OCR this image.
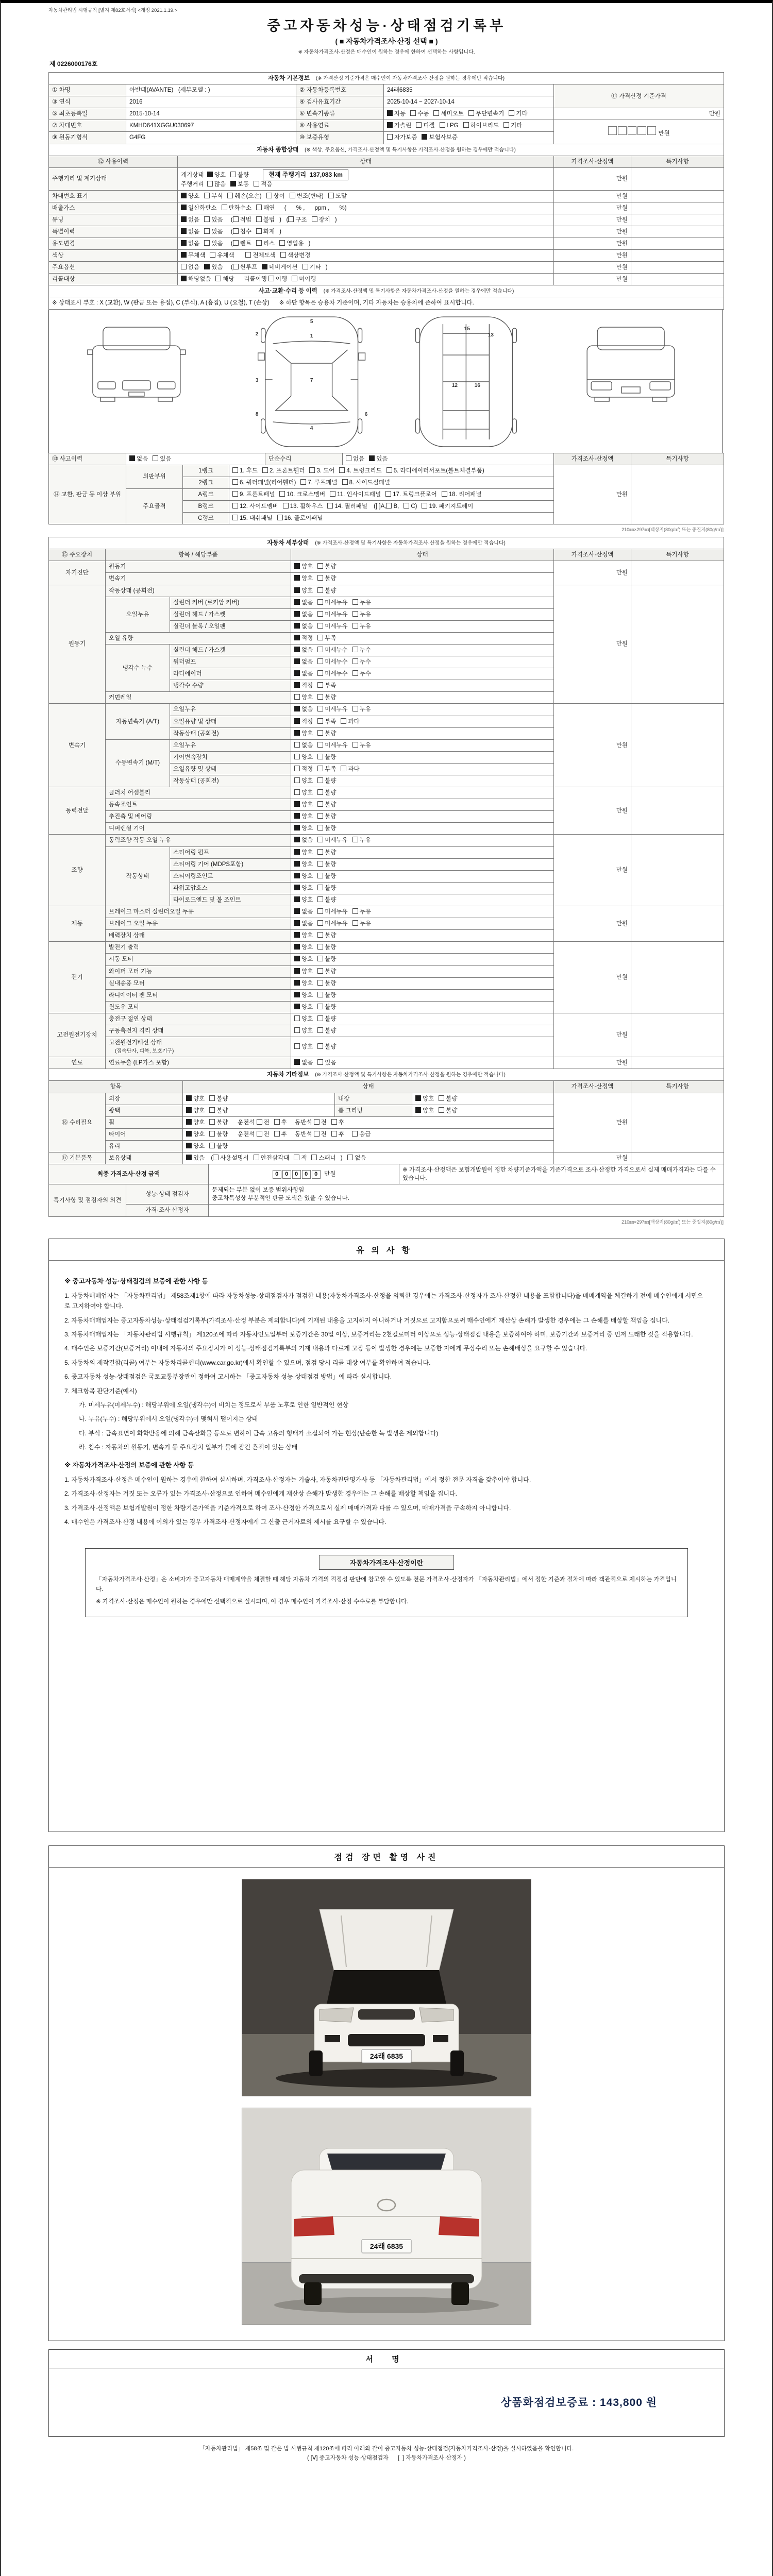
자동차관리법 시행규칙 [별지 제82호서식] <개정 2021.1.19.>
중고자동차성능·상태점검기록부
( ■ 자동차가격조사·산정 선택 ■ )
※ 자동차가격조사·산정은 매수인이 원하는 경우에 한하여 선택하는 사항입니다.
제 0226000176호
자동차 기본정보 (※ 가격산정 기준가격은 매수인이 자동차가격조사·산정을 원하는 경우에만 적습니다)				
① 차명	아반떼(AVANTE)   (세부모델 : )	② 자동차등록번호	24래6835	⑪ 가격산정 기준가격
③ 연식	2016	④ 검사유효기간	2025-10-14 ~ 2027-10-14	
⑤ 최초등록일	2015-10-14	⑥ 변속기종류	자동 수동 세미오토 무단변속기 기타	만원
⑦ 차대번호	KMHD641XGGU030697	⑧ 사용연료	가솔린 디젤 LPG 하이브리드 기타	만원
⑨ 원동기형식	G4FG	⑩ 보증유형	자가보증 보험사보증	
자동차 종합상태 (※ 색상, 주요옵션, 가격조사·산정액 및 특기사항은 가격조사·산정을 원하는 경우에만 적습니다)			
⑫ 사용이력	상태	가격조사·산정액	특기사항
주행거리 및 계기상태	계기상태  양호 불량 현재 주행거리  137,083 km
주행거리  많음 보통 적음	만원	
차대번호 표기	양호 부식 훼손(오손) 상이 변조(변타) 도말	만원	
배출가스	일산화탄소 탄화수소 매연   (      % ,      ppm ,      %)	만원	
튜닝	없음 있음  ( 적법 불법 )   ( 구조 장치 )	만원	
특별이력	없음 있음  ( 침수 화재 )	만원	
용도변경	없음 있음  ( 렌트 리스 영업용 )	만원	
색상	무채색 유채색 전체도색 색상변경	만원	
주요옵션	없음 있음  ( 썬루프 네비게이션 기타 )	만원	
리콜대상	해당없음 해당   리콜이행 이행 미이행	만원	
사고·교환·수리 등 이력 (※ 가격조사·산정액 및 특기사항은 자동차가격조사·산정을 원하는 경우에만 적습니다)
※ 상태표시 부호 : X (교환), W (판금 또는 용접), C (부식), A (흠집), U (요철), T (손상)      ※ 하단 항목은 승용차 기준이며, 기타 자동차는 승용차에 준하여 표시합니다.
1
5
7
4
2
3
8	6
12	16
13
15
⑬ 사고이력	없음 있음	단순수리	없음 있음	가격조사·산정액	특기사항
⑭ 교환, 판금 등 이상 부위	외판부위	1랭크	1. 후드 2. 프론트휀더 3. 도어 4. 트렁크리드 5. 라디에이터서포트(볼트체결부품)	만원	
		2랭크	6. 쿼터패널(리어휀더) 7. 루프패널 8. 사이드실패널		
	주요골격	A랭크	9. 프론트패널 10. 크로스멤버 11. 인사이드패널 17. 트렁크플로어 18. 리어패널		
		B랭크	12. 사이드멤버 13. 휠하우스 14. 필러패널 ([ ]A, B, C) 19. 패키지트레이		
		C랭크	15. 대쉬패널 16. 플로어패널		
210㎜×297㎜[백상지(80g/㎡) 또는 중질지(80g/㎡)]
자동차 세부상태 (※ 가격조사·산정액 및 특기사항은 자동차가격조사·산정을 원하는 경우에만 적습니다)					
⑮ 주요장치	항목 / 해당부품		상태	가격조사·산정액	특기사항
자기진단	원동기		양호 불량	만원	
	변속기		양호 불량		
원동기	작동상태 (공회전)		양호 불량	만원	
	오일누유	실린더 커버 (로커암 커버)	없음 미세누유 누유		
		실린더 헤드 / 가스켓	없음 미세누유 누유		
		실린더 블록 / 오일팬	없음 미세누유 누유		
	오일 유량		적정 부족		
	냉각수 누수	실린더 헤드 / 가스켓	없음 미세누수 누수		
		워터펌프	없음 미세누수 누수		
		라디에이터	없음 미세누수 누수		
		냉각수 수량	적정 부족		
	커먼레일		양호 불량		
변속기	자동변속기 (A/T)	오일누유	없음 미세누유 누유	만원	
		오일유량 및 상태	적정 부족 과다		
		작동상태 (공회전)	양호 불량		
	수동변속기 (M/T)	오일누유	없음 미세누유 누유		
		기어변속장치	양호 불량		
		오일유량 및 상태	적정 부족 과다		
		작동상태 (공회전)	양호 불량		
동력전달	클러치 어셈블리		양호 불량	만원	
	등속조인트		양호 불량		
	추진축 및 베어링		양호 불량		
	디퍼렌셜 기어		양호 불량		
조향	동력조향 작동 오일 누유		없음 미세누유 누유	만원	
	작동상태	스티어링 펌프	양호 불량		
		스티어링 기어 (MDPS포함)	양호 불량		
		스티어링조인트	양호 불량		
		파워고압호스	양호 불량		
		타이로드엔드 및 볼 조인트	양호 불량		
제동	브레이크 마스터 실린더오일 누유		없음 미세누유 누유	만원	
	브레이크 오일 누유		없음 미세누유 누유		
	배력장치 상태		양호 불량		
전기	발전기 출력		양호 불량	만원	
	시동 모터		양호 불량		
	와이퍼 모터 기능		양호 불량		
	실내송풍 모터		양호 불량		
	라디에이터 팬 모터		양호 불량		
	윈도우 모터		양호 불량		
고전원전기장치	충전구 절연 상태		양호 불량	만원	
	구동축전지 격리 상태		양호 불량		
	고전원전기배선 상태
(접속단자, 피복, 보호기구)		양호 불량		
연료	연료누출 (LP가스 포함)		없음 있음	만원	
자동차 기타정보 (※ 가격조사·산정액 및 특기사항은 자동차가격조사·산정을 원하는 경우에만 적습니다)						
항목		상태			가격조사·산정액	특기사항
⑯ 수리필요	외장	양호 불량	내장	양호 불량	만원	
	광택	양호 불량	룸 크리닝	양호 불량		
	휠	양호 불량   운전석 전 후  동반석 전 후				
	타이어	양호 불량   운전석 전 후  동반석 전 후 응급				
	유리	양호 불량				
⑰ 기본품목	보유상태	있음 ( 사용설명서 안전삼각대 잭 스패너 )   없음			만원	
최종 가격조사·산정 금액	0 0 0 0 0  만원	※ 가격조사·산정액은 보험개발원이 정한 차량기준가액을 기준가격으로 조사·산정한 가격으로서 실제 매매가격과는 다를 수 있습니다.
특기사항 및 점검자의 의견	성능·상태 점검자	문제되는 부분 없이 보증 범위사항임
중고차특성상 부분적인 판금 도색은 있을 수 있습니다.
	가격·조사 산정자	
210㎜×297㎜[백상지(80g/㎡) 또는 중질지(80g/㎡)]
유의사항

※ 중고자동차 성능·상태점검의 보증에 관한 사항 등

1. 자동차매매업자는 「자동차관리법」 제58조제1항에 따라 자동차성능·상태점검자가 점검한 내용(자동차가격조사·산정을 의뢰한 경우에는 가격조사·산정자가 조사·산정한 내용을 포함합니다)을 매매계약을 체결하기 전에 매수인에게 서면으로 고지하여야 합니다.

2. 자동차매매업자는 중고자동차성능·상태점검기록부(가격조사·산정 부분은 제외합니다)에 기재된 내용을 고지하지 아니하거나 거짓으로 고지함으로써 매수인에게 재산상 손해가 발생한 경우에는 그 손해를 배상할 책임을 집니다.

3. 자동차매매업자는 「자동차관리법 시행규칙」 제120조에 따라 자동차인도일부터 보증기간은 30일 이상, 보증거리는 2천킬로미터 이상으로 성능·상태점검 내용을 보증하여야 하며, 보증기간과 보증거리 중 먼저 도래한 것을 적용합니다.

4. 매수인은 보증기간(보증거리) 이내에 자동차의 주요장치가 이 성능·상태점검기록부의 기재 내용과 다르게 고장 등이 발생한 경우에는 보증한 자에게 무상수리 또는 손해배상을 요구할 수 있습니다.

5. 자동차의 제작결함(리콜) 여부는 자동차리콜센터(www.car.go.kr)에서 확인할 수 있으며, 점검 당시 리콜 대상 여부를 확인하여 적습니다.

6. 중고자동차 성능·상태점검은 국토교통부장관이 정하여 고시하는 「중고자동차 성능·상태점검 방법」에 따라 실시합니다.

7. 체크항목 판단기준(예시)

가. 미세누유(미세누수) : 해당부위에 오일(냉각수)이 비치는 정도로서 부품 노후로 인한 일반적인 현상

나. 누유(누수) : 해당부위에서 오일(냉각수)이 맺혀서 떨어지는 상태

다. 부식 : 금속표면이 화학반응에 의해 금속산화물 등으로 변하여 금속 고유의 형태가 소실되어 가는 현상(단순한 녹 발생은 제외합니다)

라. 침수 : 자동차의 원동기, 변속기 등 주요장치 일부가 물에 잠긴 흔적이 있는 상태

※ 자동차가격조사·산정의 보증에 관한 사항 등

1. 자동차가격조사·산정은 매수인이 원하는 경우에 한하여 실시하며, 가격조사·산정자는 기술사, 자동차진단평가사 등 「자동차관리법」에서 정한 전문 자격을 갖추어야 합니다.

2. 가격조사·산정자는 거짓 또는 오류가 있는 가격조사·산정으로 인하여 매수인에게 재산상 손해가 발생한 경우에는 그 손해를 배상할 책임을 집니다.

3. 가격조사·산정액은 보험개발원이 정한 차량기준가액을 기준가격으로 하여 조사·산정한 가격으로서 실제 매매가격과 다를 수 있으며, 매매가격을 구속하지 아니합니다.

4. 매수인은 가격조사·산정 내용에 이의가 있는 경우 가격조사·산정자에게 그 산출 근거자료의 제시를 요구할 수 있습니다.

자동차가격조사·산정이란

「자동차가격조사·산정」은 소비자가 중고자동차 매매계약을 체결할 때 해당 자동차 가격의 적정성 판단에 참고할 수 있도록 전문 가격조사·산정자가 「자동차관리법」에서 정한 기준과 절차에 따라 객관적으로 제시하는 가격입니다.

※ 가격조사·산정은 매수인이 원하는 경우에만 선택적으로 실시되며, 이 경우 매수인이 가격조사·산정 수수료를 부담합니다.

점검 장면 촬영 사진
24래 6835
24래 6835
서 명
상품화점검보증료 : 143,800 원
「자동차관리법」 제58조 및 같은 법 시행규칙 제120조에 따라 아래와 같이 중고자동차 성능·상태점검(자동차가격조사·산정)을 실시하였음을 확인합니다.
( [Ⅴ] 중고자동차 성능·상태점검자      [  ] 자동차가격조사·산정자 )
